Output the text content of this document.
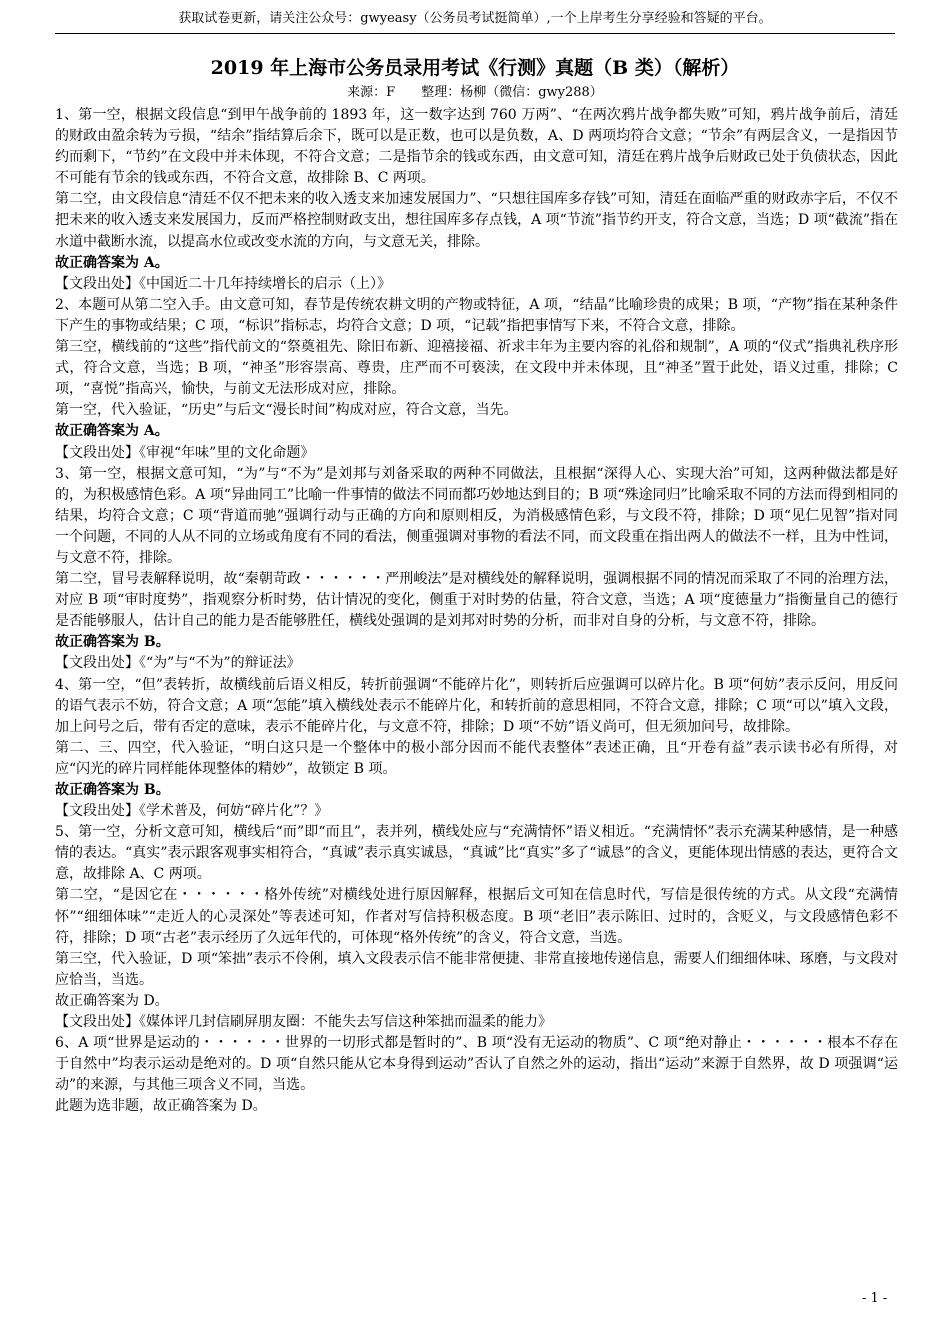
获取试卷更新，请关注公众号：gwyeasy（公务员考试挺简单）,一个上岸考生分享经验和答疑的平台。
2019 年上海市公务员录用考试《行测》真题（B 类）（解析）
来源：F　　整理：杨柳（微信：gwy288）

1、第一空，根据文段信息“到甲午战争前的 1893 年，这一数字达到 760 万两”、“在两次鸦片战争都失败”可知，鸦片战争前后，清廷的财政由盈余转为亏损，“结余”指结算后余下，既可以是正数，也可以是负数，A、D 两项均符合文意；“节余”有两层含义，一是指因节约而剩下，“节约”在文段中并未体现，不符合文意；二是指节余的钱或东西，由文意可知，清廷在鸦片战争后财政已处于负债状态，因此不可能有节余的钱或东西，不符合文意，故排除 B、C 两项。

第二空，由文段信息“清廷不仅不把未来的收入透支来加速发展国力”、“只想往国库多存钱”可知，清廷在面临严重的财政赤字后，不仅不把未来的收入透支来发展国力，反而严格控制财政支出，想往国库多存点钱，A 项“节流”指节约开支，符合文意，当选；D 项“截流”指在水道中截断水流，以提高水位或改变水流的方向，与文意无关，排除。

故正确答案为 A。

【文段出处】《中国近二十几年持续增长的启示（上）》

2、本题可从第二空入手。由文意可知，春节是传统农耕文明的产物或特征，A 项，“结晶”比喻珍贵的成果；B 项，“产物”指在某种条件下产生的事物或结果；C 项，“标识”指标志，均符合文意；D 项，“记载”指把事情写下来，不符合文意，排除。

第三空，横线前的“这些”指代前文的“祭奠祖先、除旧布新、迎禧接福、祈求丰年为主要内容的礼俗和规制”，A 项的“仪式”指典礼秩序形式，符合文意，当选；B 项，“神圣”形容崇高、尊贵，庄严而不可亵渎，在文段中并未体现，且“神圣”置于此处，语义过重，排除；C 项，“喜悦”指高兴，愉快，与前文无法形成对应，排除。

第一空，代入验证，“历史”与后文“漫长时间”构成对应，符合文意，当先。

故正确答案为 A。

【文段出处】《审视“年味”里的文化命题》

3、第一空，根据文意可知，“为”与“不为”是刘邦与刘备采取的两种不同做法，且根据“深得人心、实现大治”可知，这两种做法都是好的，为积极感情色彩。A 项“异曲同工”比喻一件事情的做法不同而都巧妙地达到目的；B 项“殊途同归”比喻采取不同的方法而得到相同的结果，均符合文意；C 项“背道而驰”强调行动与正确的方向和原则相反，为消极感情色彩，与文段不符，排除；D 项“见仁见智”指对同一个问题，不同的人从不同的立场或角度有不同的看法，侧重强调对事物的看法不同，而文段重在指出两人的做法不一样，且为中性词，与文意不符，排除。

第二空，冒号表解释说明，故“秦朝苛政・・・・・・严刑峻法”是对横线处的解释说明，强调根据不同的情况而采取了不同的治理方法，对应 B 项“审时度势”，指观察分析时势，估计情况的变化，侧重于对时势的估量，符合文意，当选；A 项“度德量力”指衡量自己的德行是否能够服人，估计自己的能力是否能够胜任，横线处强调的是刘邦对时势的分析，而非对自身的分析，与文意不符，排除。

故正确答案为 B。

【文段出处】《“为”与“不为”的辩证法》

4、第一空，“但”表转折，故横线前后语义相反，转折前强调“不能碎片化”，则转折后应强调可以碎片化。B 项“何妨”表示反问，用反问的语气表示不妨，符合文意；A 项“怎能”填入横线处表示不能碎片化，和转折前的意思相同，不符合文意，排除；C 项“可以”填入文段，加上问号之后，带有否定的意味，表示不能碎片化，与文意不符，排除；D 项“不妨”语义尚可，但无须加问号，故排除。

第二、三、四空，代入验证，“明白这只是一个整体中的极小部分因而不能代表整体”表述正确，且“开卷有益”表示读书必有所得，对应“闪光的碎片同样能体现整体的精妙”，故锁定 B 项。

故正确答案为 B。

【文段出处】《学术普及，何妨“碎片化”？》

5、第一空，分析文意可知，横线后“而”即“而且”，表并列，横线处应与“充满情怀”语义相近。“充满情怀”表示充满某种感情，是一种感情的表达。“真实”表示跟客观事实相符合，“真诚”表示真实诚恳，“真诚”比“真实”多了“诚恳”的含义，更能体现出情感的表达，更符合文意，故排除 A、C 两项。

第二空，“是因它在・・・・・・格外传统”对横线处进行原因解释，根据后文可知在信息时代，写信是很传统的方式。从文段“充满情怀”“细细体味”“走近人的心灵深处”等表述可知，作者对写信持积极态度。B 项“老旧”表示陈旧、过时的，含贬义，与文段感情色彩不符，排除；D 项“古老”表示经历了久远年代的，可体现“格外传统”的含义，符合文意，当选。

第三空，代入验证，D 项“笨拙”表示不伶俐，填入文段表示信不能非常便捷、非常直接地传递信息，需要人们细细体味、琢磨，与文段对应恰当，当选。

故正确答案为 D。

【文段出处】《媒体评几封信刷屏朋友圈：不能失去写信这种笨拙而温柔的能力》

6、A 项“世界是运动的・・・・・・世界的一切形式都是暂时的”、B 项“没有无运动的物质”、C 项“绝对静止・・・・・・根本不存在于自然中”均表示运动是绝对的。D 项“自然只能从它本身得到运动”否认了自然之外的运动，指出“运动”来源于自然界，故 D 项强调“运动”的来源，与其他三项含义不同，当选。

此题为选非题，故正确答案为 D。

- 1 -
